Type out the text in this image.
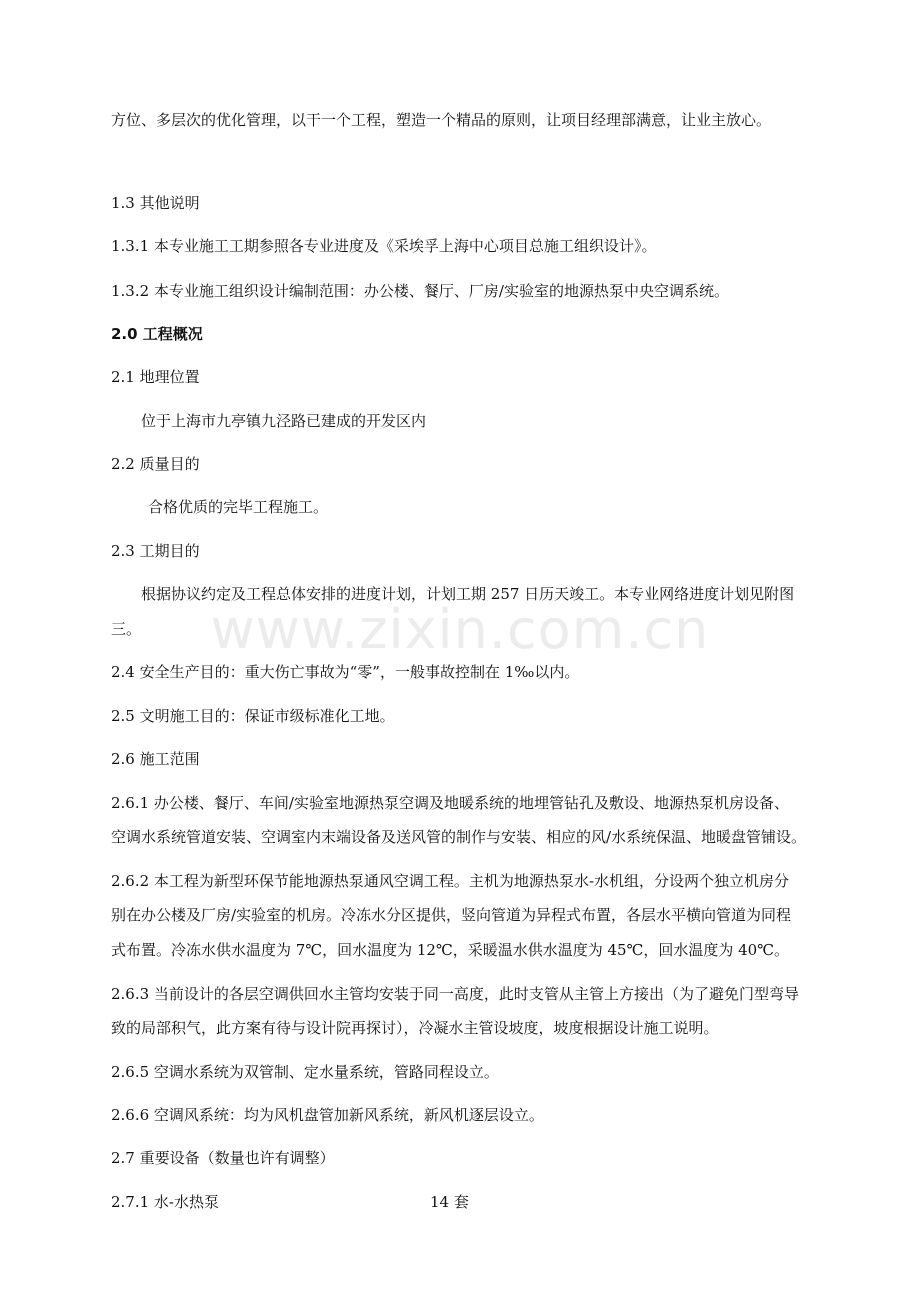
方位、多层次的优化管理，以干一个工程，塑造一个精品的原则，让项目经理部满意，让业主放心。
1.3 其他说明
1.3.1 本专业施工工期参照各专业进度及《采埃孚上海中心项目总施工组织设计》。
1.3.2 本专业施工组织设计编制范围：办公楼、餐厅、厂房/实验室的地源热泵中央空调系统。
2.0 工程概况
2.1 地理位置
位于上海市九亭镇九泾路已建成的开发区内
2.2 质量目的
合格优质的完毕工程施工。
2.3 工期目的
根据协议约定及工程总体安排的进度计划，计划工期 257 日历天竣工。本专业网络进度计划见附图
三。
2.4 安全生产目的：重大伤亡事故为“零”，一般事故控制在 1‰以内。
2.5 文明施工目的：保证市级标准化工地。
2.6 施工范围
2.6.1 办公楼、餐厅、车间/实验室地源热泵空调及地暖系统的地埋管钻孔及敷设、地源热泵机房设备、
空调水系统管道安装、空调室内末端设备及送风管的制作与安装、相应的风/水系统保温、地暖盘管铺设。
2.6.2 本工程为新型环保节能地源热泵通风空调工程。主机为地源热泵水-水机组，分设两个独立机房分
别在办公楼及厂房/实验室的机房。冷冻水分区提供，竖向管道为异程式布置，各层水平横向管道为同程
式布置。冷冻水供水温度为 7℃，回水温度为 12℃，采暖温水供水温度为 45℃，回水温度为 40℃。
2.6.3 当前设计的各层空调供回水主管均安装于同一高度，此时支管从主管上方接出（为了避免门型弯导
致的局部积气，此方案有待与设计院再探讨），冷凝水主管设坡度，坡度根据设计施工说明。
2.6.5 空调水系统为双管制、定水量系统，管路同程设立。
2.6.6 空调风系统：均为风机盘管加新风系统，新风机逐层设立。
2.7 重要设备（数量也许有调整）
2.7.1 水-水热泵	14 套
www.zixin.com.cn
